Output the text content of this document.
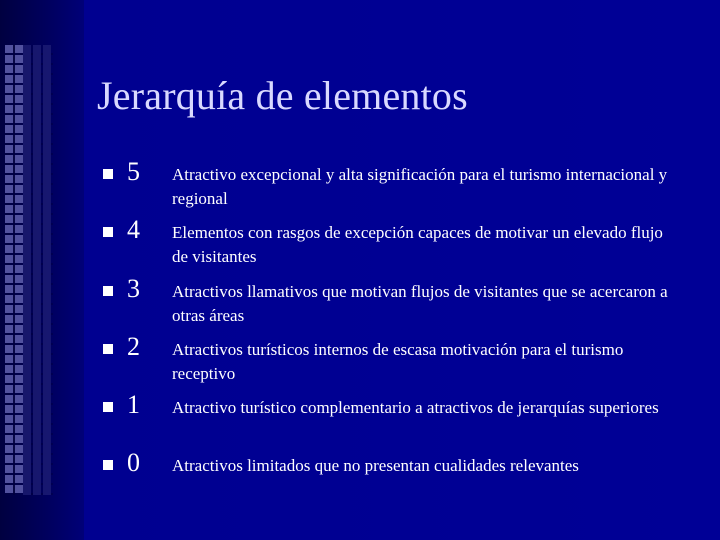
Jerarquía de elementos
5 Atractivo excepcional y alta significación para el turismo internacional y regional
4 Elementos con rasgos de excepción capaces de motivar un elevado flujo de visitantes
3 Atractivos llamativos que motivan flujos de visitantes que se acercaron a otras áreas
2 Atractivos turísticos internos de escasa motivación para el turismo receptivo
1 Atractivo turístico complementario a atractivos de jerarquías superiores
0 Atractivos limitados que no presentan cualidades relevantes
